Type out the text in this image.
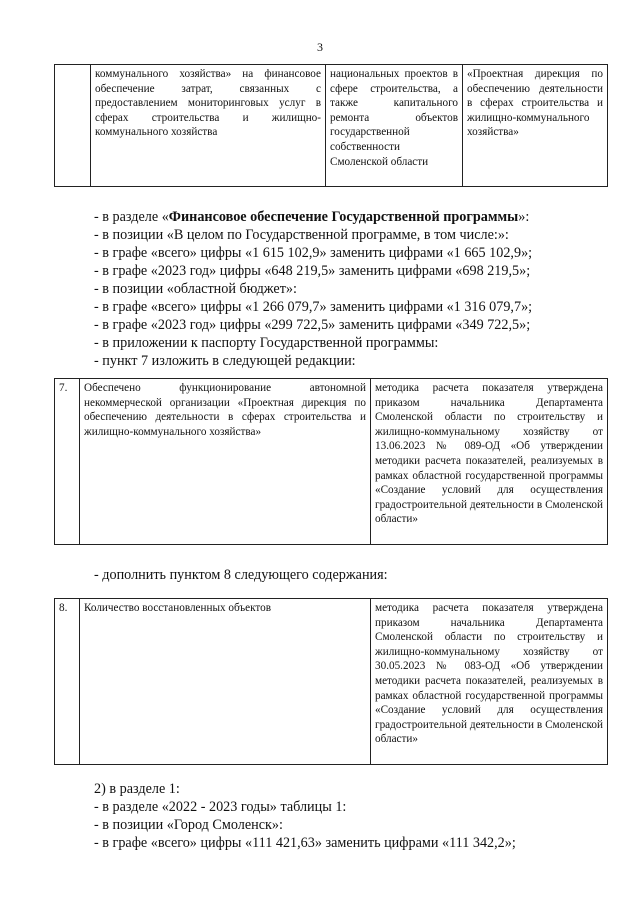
3
	коммунального хозяйства» на финансовое обеспечение затрат, связанных с предоставлением мониторинговых услуг в сферах строительства и жилищно-коммунального хозяйства	национальных проектов в сфере строительства, а также капитального ремонта объектов государственной собственности Смоленской области	«Проектная дирекция по обеспечению деятельности в сферах строительства и жилищно-коммунального хозяйства»
- в разделе «Финансовое обеспечение Государственной программы»:
- в позиции «В целом по Государственной программе, в том числе:»:
- в графе «всего» цифры «1 615 102,9» заменить цифрами «1 665 102,9»;
- в графе «2023 год» цифры «648 219,5» заменить цифрами «698 219,5»;
- в позиции «областной бюджет»:
- в графе «всего» цифры «1 266 079,7» заменить цифрами «1 316 079,7»;
- в графе «2023 год» цифры «299 722,5» заменить цифрами «349 722,5»;
- в приложении к паспорту Государственной программы:
- пункт 7 изложить в следующей редакции:
7.	Обеспечено функционирование автономной некоммерческой организации «Проектная дирекция по обеспечению деятельности в сферах строительства и жилищно-коммунального хозяйства»	методика расчета показателя утверждена приказом начальника Департамента Смоленской области по строительству и жилищно-коммунальному хозяйству от 13.06.2023 № 089-ОД «Об утверждении методики расчета показателей, реализуемых в рамках областной государственной программы «Создание условий для осуществления градостроительной деятельности в Смоленской области»
- дополнить пунктом 8 следующего содержания:
8.	Количество восстановленных объектов	методика расчета показателя утверждена приказом начальника Департамента Смоленской области по строительству и жилищно-коммунальному хозяйству от 30.05.2023 № 083-ОД «Об утверждении методики расчета показателей, реализуемых в рамках областной государственной программы «Создание условий для осуществления градостроительной деятельности в Смоленской области»
2) в разделе 1:
- в разделе «2022 - 2023 годы» таблицы 1:
- в позиции «Город Смоленск»:
- в графе «всего» цифры «111 421,63» заменить цифрами «111 342,2»;
